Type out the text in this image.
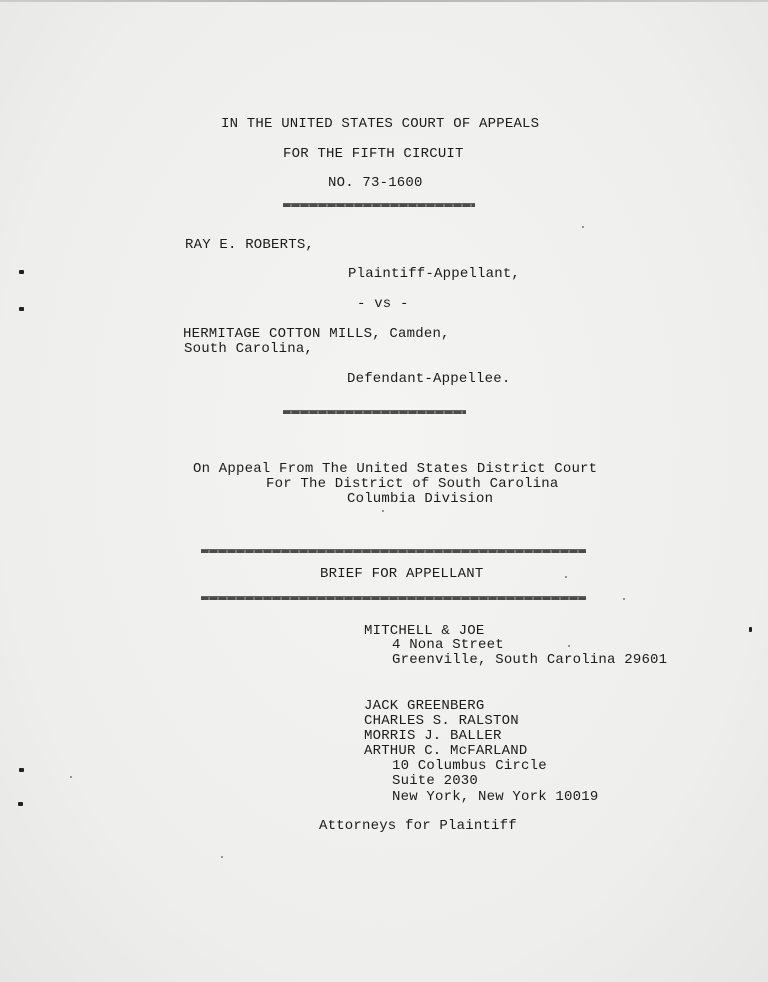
IN THE UNITED STATES COURT OF APPEALS
FOR THE FIFTH CIRCUIT
NO. 73-1600
RAY E. ROBERTS,
Plaintiff-Appellant,
- vs -
HERMITAGE COTTON MILLS, Camden,
South Carolina,
Defendant-Appellee.
On Appeal From The United States District Court
For The District of South Carolina
Columbia Division
BRIEF FOR APPELLANT
MITCHELL & JOE
4 Nona Street
Greenville, South Carolina 29601
JACK GREENBERG
CHARLES S. RALSTON
MORRIS J. BALLER
ARTHUR C. McFARLAND
10 Columbus Circle
Suite 2030
New York, New York 10019
Attorneys for Plaintiff
